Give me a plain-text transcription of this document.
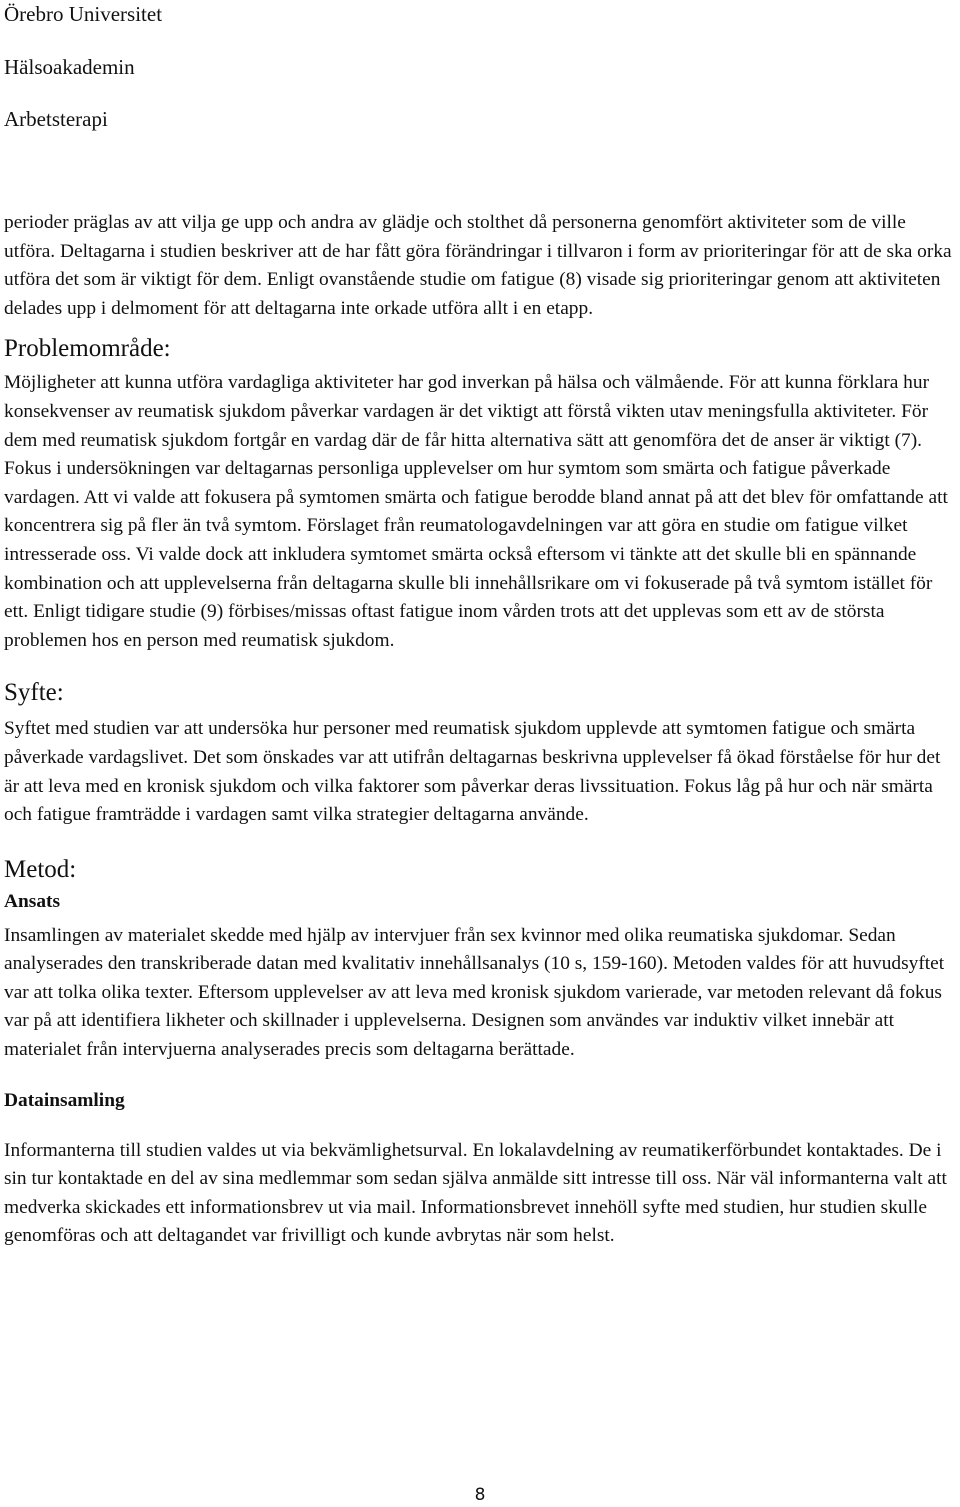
Örebro Universitet
Hälsoakademin
Arbetsterapi

perioder präglas av att vilja ge upp och andra av glädje och stolthet då personerna genomfört aktiviteter som de ville utföra. Deltagarna i studien beskriver att de har fått göra förändringar i tillvaron i form av prioriteringar för att de ska orka utföra det som är viktigt för dem. Enligt ovanstående studie om fatigue (8) visade sig prioriteringar genom att aktiviteten delades upp i delmoment för att deltagarna inte orkade utföra allt i en etapp.

Problemområde:

Möjligheter att kunna utföra vardagliga aktiviteter har god inverkan på hälsa och välmående. För att kunna förklara hur konsekvenser av reumatisk sjukdom påverkar vardagen är det viktigt att förstå vikten utav meningsfulla aktiviteter. För dem med reumatisk sjukdom fortgår en vardag där de får hitta alternativa sätt att genomföra det de anser är viktigt (7). Fokus i undersökningen var deltagarnas personliga upplevelser om hur symtom som smärta och fatigue påverkade vardagen. Att vi valde att fokusera på symtomen smärta och fatigue berodde bland annat på att det blev för omfattande att koncentrera sig på fler än två symtom. Förslaget från reumatologavdelningen var att göra en studie om fatigue vilket intresserade oss. Vi valde dock att inkludera symtomet smärta också eftersom vi tänkte att det skulle bli en spännande kombination och att upplevelserna från deltagarna skulle bli innehållsrikare om vi fokuserade på två symtom istället för ett. Enligt tidigare studie (9) förbises/missas oftast fatigue inom vården trots att det upplevas som ett av de största problemen hos en person med reumatisk sjukdom.

Syfte:

Syftet med studien var att undersöka hur personer med reumatisk sjukdom upplevde att symtomen fatigue och smärta påverkade vardagslivet. Det som önskades var att utifrån deltagarnas beskrivna upplevelser få ökad förståelse för hur det är att leva med en kronisk sjukdom och vilka faktorer som påverkar deras livssituation. Fokus låg på hur och när smärta och fatigue framträdde i vardagen samt vilka strategier deltagarna använde.

Metod:
Ansats

Insamlingen av materialet skedde med hjälp av intervjuer från sex kvinnor med olika reumatiska sjukdomar. Sedan analyserades den transkriberade datan med kvalitativ innehållsanalys (10 s, 159-160). Metoden valdes för att huvudsyftet var att tolka olika texter. Eftersom upplevelser av att leva med kronisk sjukdom varierade, var metoden relevant då fokus var på att identifiera likheter och skillnader i upplevelserna. Designen som användes var induktiv vilket innebär att materialet från intervjuerna analyserades precis som deltagarna berättade.

Datainsamling

Informanterna till studien valdes ut via bekvämlighetsurval. En lokalavdelning av reumatikerförbundet kontaktades. De i sin tur kontaktade en del av sina medlemmar som sedan själva anmälde sitt intresse till oss. När väl informanterna valt att medverka skickades ett informationsbrev ut via mail. Informationsbrevet innehöll syfte med studien, hur studien skulle genomföras och att deltagandet var frivilligt och kunde avbrytas när som helst.

8
